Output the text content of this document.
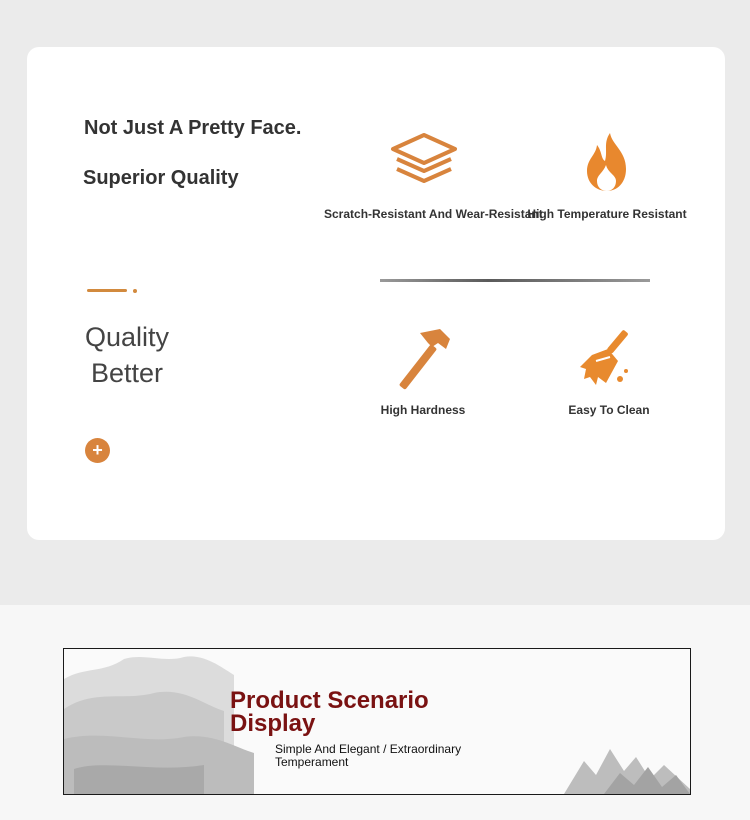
Not Just A Pretty Face.
Superior Quality
Quality
Better
+
Scratch-Resistant And Wear-Resistant
High Temperature Resistant
High Hardness	Easy To Clean
Product Scenario
Display
Simple And Elegant / Extraordinary
Temperament
